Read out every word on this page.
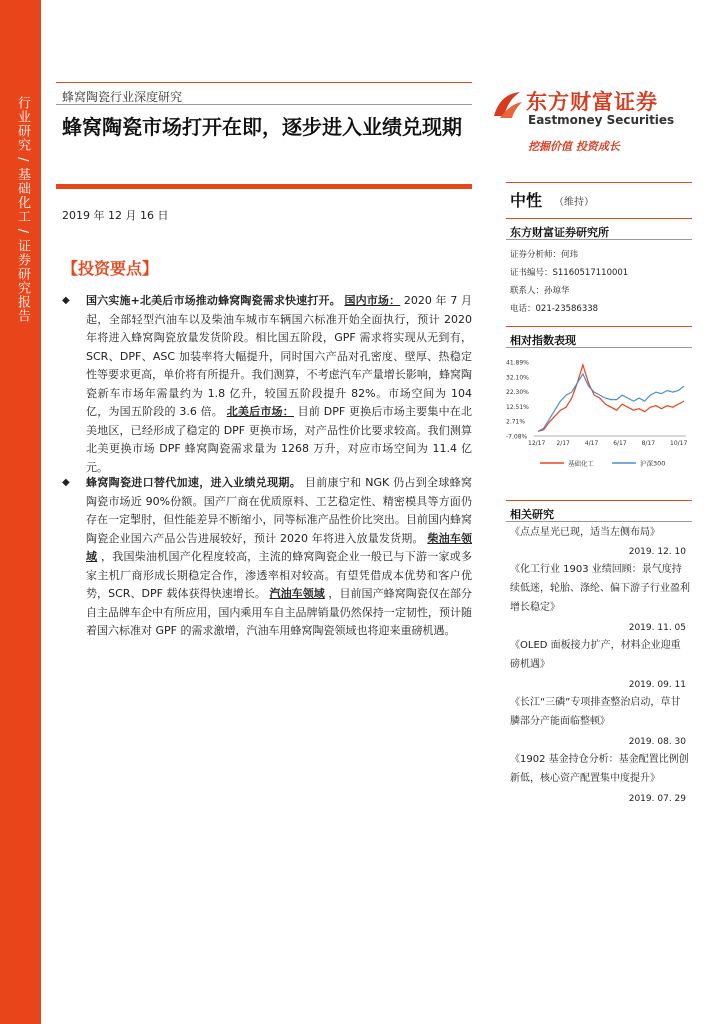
行业研究 / 基础化工 / 证券研究报告	蜂窝陶瓷行业深度研究
蜂窝陶瓷市场打开在即，逐步进入业绩兑现期
2019 年 12 月 16 日
【投资要点】
◆ 国六实施+北美后市场推动蜂窝陶瓷需求快速打开。 国内市场： 2020 年 7 月起，全部轻型汽油车以及柴油车城市车辆国六标准开始全面执行，预计 2020 年将进入蜂窝陶瓷放量发货阶段。相比国五阶段，GPF 需求将实现从无到有，SCR、DPF、ASC 加装率将大幅提升，同时国六产品对孔密度、壁厚、热稳定性等要求更高，单价将有所提升。我们测算，不考虑汽车产量增长影响，蜂窝陶瓷新车市场年需量约为 1.8 亿升，较国五阶段提升 82%。市场空间为 104 亿，为国五阶段的 3.6 倍。 北美后市场： 目前 DPF 更换后市场主要集中在北美地区，已经形成了稳定的 DPF 更换市场，对产品性价比要求较高。我们测算北美更换市场 DPF 蜂窝陶瓷需求量为 1268 万升，对应市场空间为 11.4 亿元。
◆ 蜂窝陶瓷进口替代加速，进入业绩兑现期。 目前康宁和 NGK 仍占到全球蜂窝陶瓷市场近 90%份额。国产厂商在优质原料、工艺稳定性、精密模具等方面仍存在一定掣肘，但性能差异不断缩小，同等标准产品性价比突出。目前国内蜂窝陶瓷企业国六产品公告进展较好，预计 2020 年将进入放量发货期。 柴油车领域 ，我国柴油机国产化程度较高，主流的蜂窝陶瓷企业一般已与下游一家或多家主机厂商形成长期稳定合作，渗透率相对较高。有望凭借成本优势和客户优势，SCR、DPF 载体获得快速增长。 汽油车领域 ，目前国产蜂窝陶瓷仅在部分自主品牌车企中有所应用，国内乘用车自主品牌销量仍然保持一定韧性，预计随着国六标准对 GPF 的需求激增，汽油车用蜂窝陶瓷领域也将迎来重磅机遇。
东方财富证券
Eastmoney Securities
挖掘价值 投资成长
中性 （维持）
东方财富证券研究所
证券分析师：何玮
证书编号：S1160517110001
联系人：孙琼华
电话：021-23586338
相对指数表现
41.89%
32.10%
22.30%
12.51%
2.71%
-7.08%
12/17 2/17 4/17 6/17 8/17 10/17
基础化工	沪深300
相关研究
《点点星光已现，适当左侧布局》
2019. 12. 10
《化工行业 1903 业绩回顾：景气度持续低迷，轮胎、涤纶、偏下游子行业盈利增长稳定》
2019. 11. 05
《OLED 面板接力扩产，材料企业迎重磅机遇》
2019. 09. 11
《长江“三磷”专项排查整治启动，草甘膦部分产能面临整顿》
2019. 08. 30
《1902 基金持仓分析：基金配置比例创新低，核心资产配置集中度提升》
2019. 07. 29
